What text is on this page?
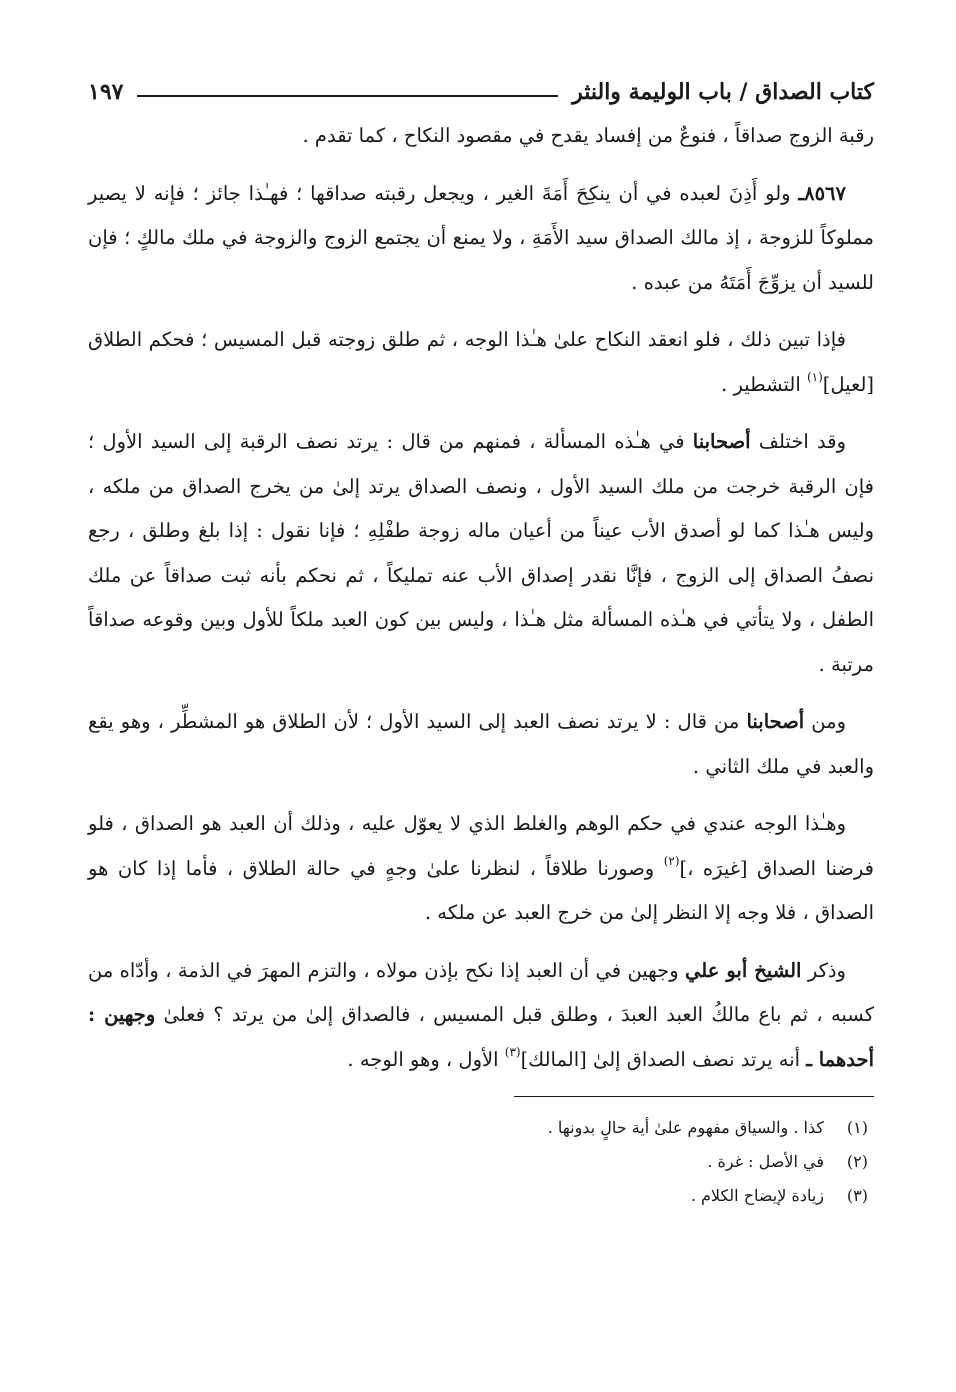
كتاب الصداق / باب الوليمة والنثر
١٩٧

رقبة الزوج صداقاً ، فنوعٌ من إفساد يقدح في مقصود النكاح ، كما تقدم .

٨٥٦٧ـ ولو أَذِنَ لعبده في أن ينكِحَ أَمَةَ الغير ، ويجعل رقبته صداقها ؛ فهـٰذا جائز ؛ فإنه لا يصير مملوكاً للزوجة ، إذ مالك الصداق سيد الأَمَةِ ، ولا يمنع أن يجتمع الزوج والزوجة في ملك مالكٍ ؛ فإن للسيد أن يزوِّجَ أَمَتَهُ من عبده .

فإذا تبين ذلك ، فلو انعقد النكاح علىٰ هـٰذا الوجه ، ثم طلق زوجته قبل المسيس ؛ فحكم الطلاق [لعيل]$^{(١)}$ التشطير .

وقد اختلف أصحابنا في هـٰذه المسألة ، فمنهم من قال : يرتد نصف الرقبة إلى السيد الأول ؛ فإن الرقبة خرجت من ملك السيد الأول ، ونصف الصداق يرتد إلىٰ من يخرج الصداق من ملكه ، وليس هـٰذا كما لو أصدق الأب عيناً من أعيان ماله زوجة طفْلِهِ ؛ فإنا نقول : إذا بلغ وطلق ، رجع نصفُ الصداق إلى الزوج ، فإنَّا نقدر إصداق الأب عنه تمليكاً ، ثم نحكم بأنه ثبت صداقاً عن ملك الطفل ، ولا يتأتي في هـٰذه المسألة مثل هـٰذا ، وليس بين كون العبد ملكاً للأول وبين وقوعه صداقاً مرتبة .

ومن أصحابنا من قال : لا يرتد نصف العبد إلى السيد الأول ؛ لأن الطلاق هو المشطِّر ، وهو يقع والعبد في ملك الثاني .

وهـٰذا الوجه عندي في حكم الوهم والغلط الذي لا يعوّل عليه ، وذلك أن العبد هو الصداق ، فلو فرضنا الصداق [غيرَه ،]$^{(٢)}$ وصورنا طلاقاً ، لنظرنا علىٰ وجهٍ في حالة الطلاق ، فأما إذا كان هو الصداق ، فلا وجه إلا النظر إلىٰ من خرج العبد عن ملكه .

وذكر الشيخ أبو علي وجهين في أن العبد إذا نكح بإذن مولاه ، والتزم المهرَ في الذمة ، وأدّاه من كسبه ، ثم باع مالكُ العبد العبدَ ، وطلق قبل المسيس ، فالصداق إلىٰ من يرتد ؟ فعلىٰ وجهين : أحدهما ـ أنه يرتد نصف الصداق إلىٰ [المالك]$^{(٣)}$ الأول ، وهو الوجه .

(١)
كذا . والسياق مفهوم علىٰ أية حالٍ بدونها .
(٢)
في الأصل : غرة .
(٣)
زيادة لإيضاح الكلام .
